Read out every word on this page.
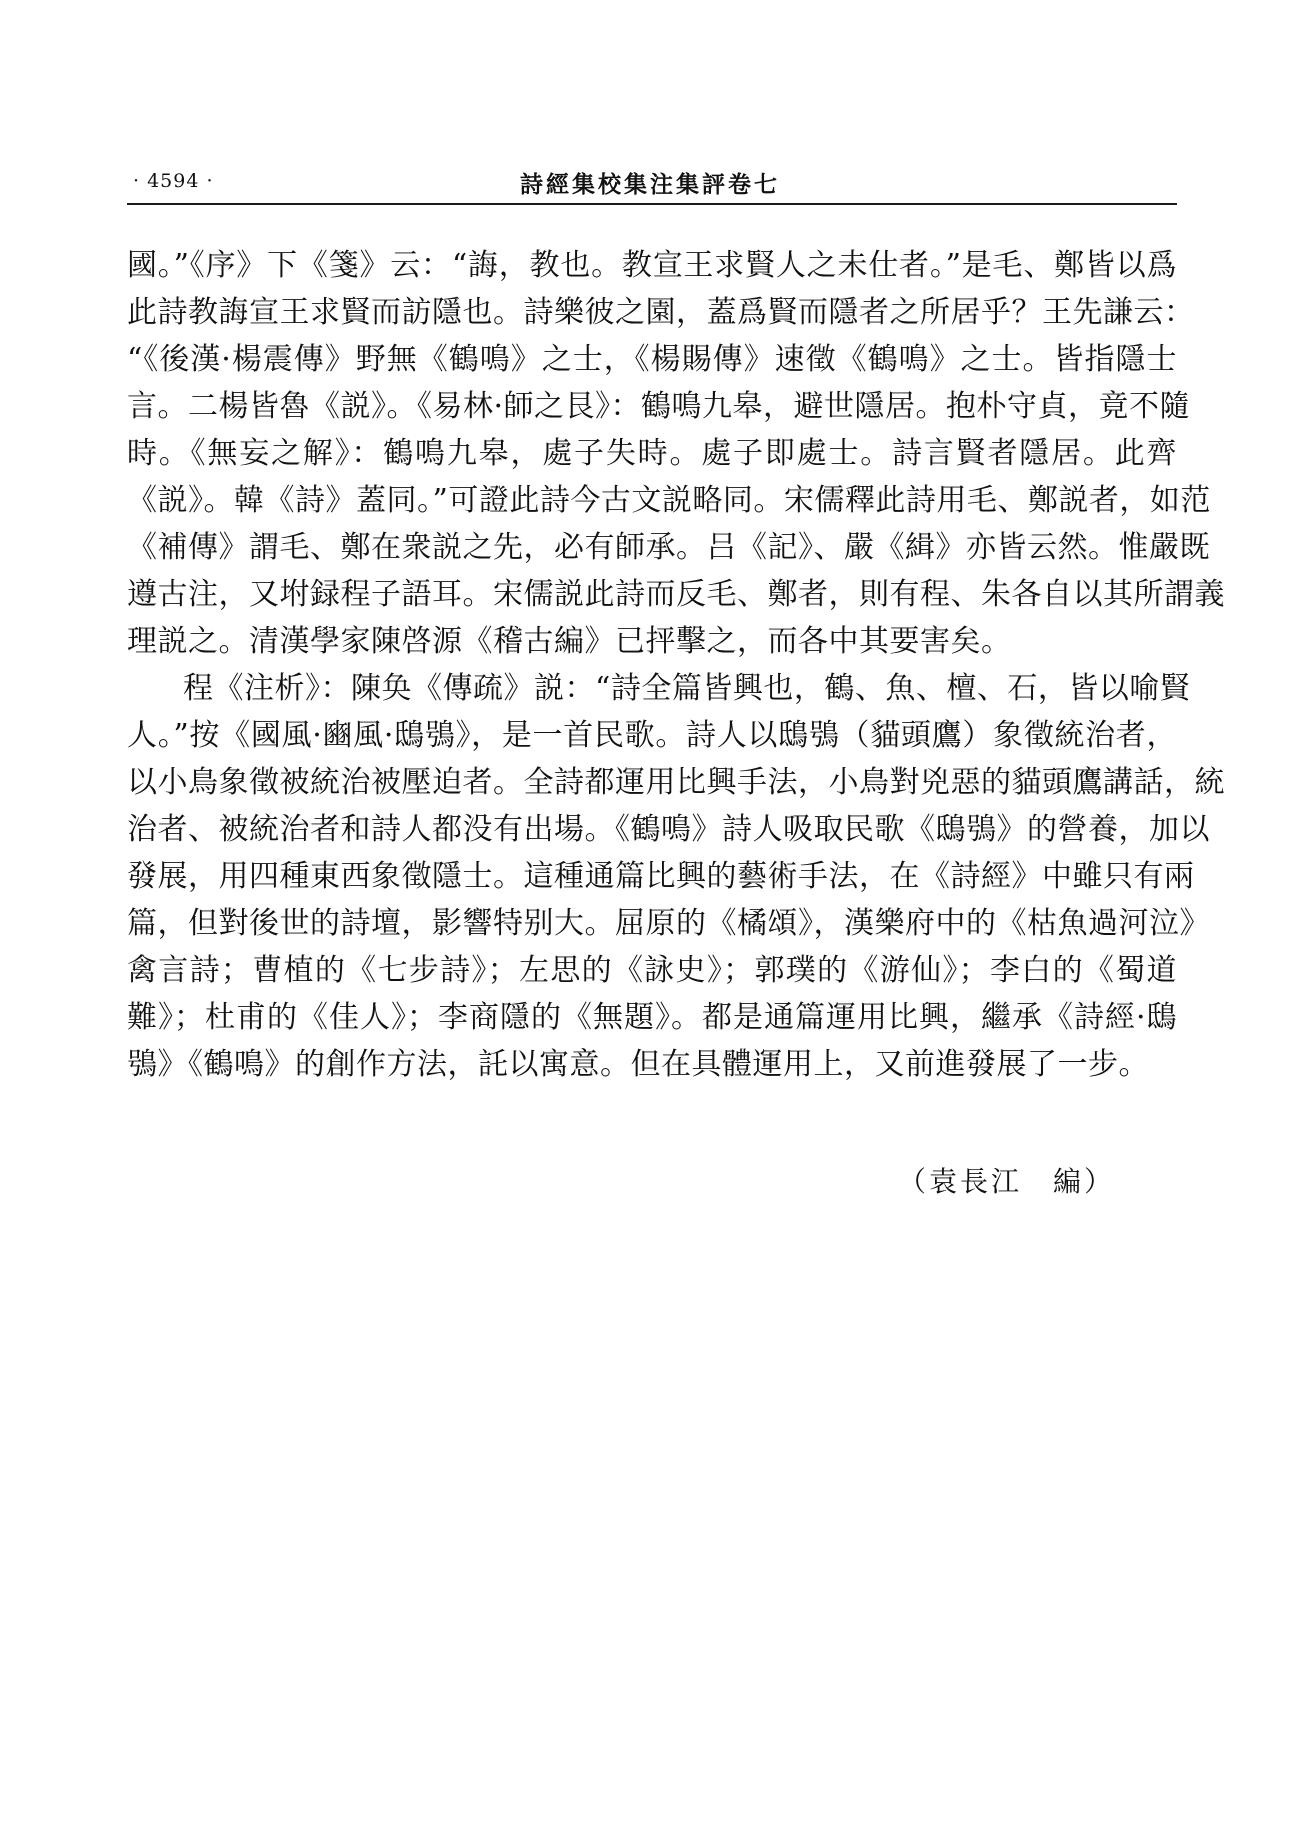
· 4594 ·	詩經集校集注集評卷七
國。”《序》下《箋》云：“誨，教也。教宣王求賢人之未仕者。”是毛、鄭皆以爲
此詩教誨宣王求賢而訪隱也。詩樂彼之園，蓋爲賢而隱者之所居乎？王先謙云：
“《後漢·楊震傳》野無《鶴鳴》之士，《楊賜傳》速徵《鶴鳴》之士。皆指隱士
言。二楊皆魯《説》。《易林·師之艮》：鶴鳴九皋，避世隱居。抱朴守貞，竟不隨
時。《無妄之解》：鶴鳴九皋，處子失時。處子即處士。詩言賢者隱居。此齊
《説》。韓《詩》蓋同。”可證此詩今古文説略同。宋儒釋此詩用毛、鄭説者，如范
《補傳》謂毛、鄭在衆説之先，必有師承。吕《記》、嚴《緝》亦皆云然。惟嚴既
遵古注，又坿録程子語耳。宋儒説此詩而反毛、鄭者，則有程、朱各自以其所謂義
理説之。清漢學家陳啓源《稽古編》已抨擊之，而各中其要害矣。
程《注析》：陳奂《傳疏》説：“詩全篇皆興也，鶴、魚、檀、石，皆以喻賢
人。”按《國風·豳風·鴟鴞》，是一首民歌。詩人以鴟鴞（貓頭鷹）象徵統治者，
以小鳥象徵被統治被壓迫者。全詩都運用比興手法，小鳥對兇惡的貓頭鷹講話，統
治者、被統治者和詩人都没有出場。《鶴鳴》詩人吸取民歌《鴟鴞》的營養，加以
發展，用四種東西象徵隱士。這種通篇比興的藝術手法，在《詩經》中雖只有兩
篇，但對後世的詩壇，影響特别大。屈原的《橘頌》，漢樂府中的《枯魚過河泣》
禽言詩；曹植的《七步詩》；左思的《詠史》；郭璞的《游仙》；李白的《蜀道
難》；杜甫的《佳人》；李商隱的《無題》。都是通篇運用比興，繼承《詩經·鴟
鴞》《鶴鳴》的創作方法，託以寓意。但在具體運用上，又前進發展了一步。
（袁長江　編）
